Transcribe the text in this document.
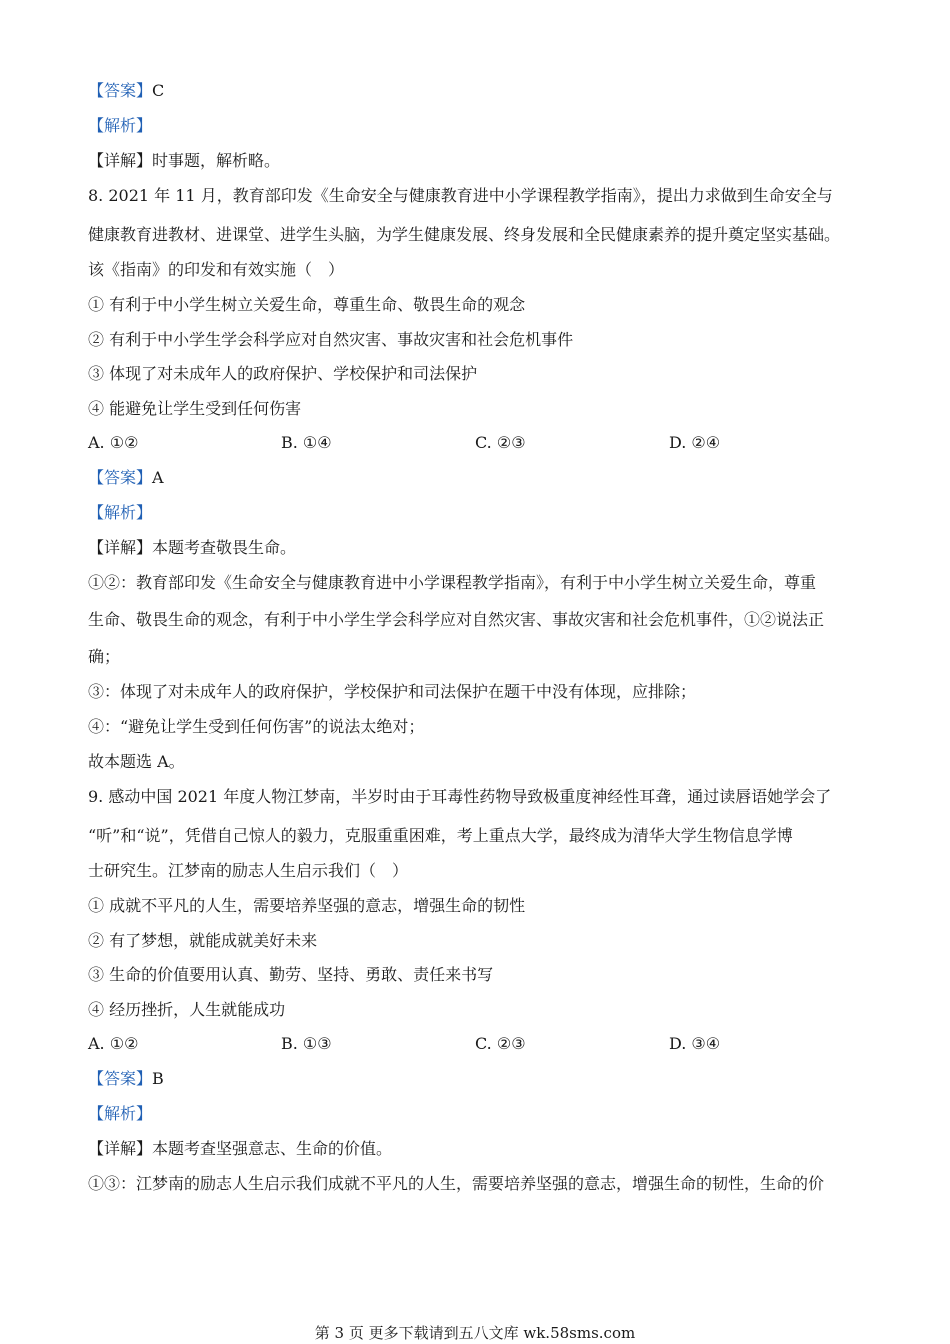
【答案】C
【解析】
【详解】时事题，解析略。
8. 2021 年 11 月，教育部印发《生命安全与健康教育进中小学课程教学指南》，提出力求做到生命安全与
健康教育进教材、进课堂、进学生头脑，为学生健康发展、终身发展和全民健康素养的提升奠定坚实基础。
该《指南》的印发和有效实施（　）
① 有利于中小学生树立关爱生命，尊重生命、敬畏生命的观念
② 有利于中小学生学会科学应对自然灾害、事故灾害和社会危机事件
③ 体现了对未成年人的政府保护、学校保护和司法保护
④ 能避免让学生受到任何伤害
A. ①②	B. ①④	C. ②③	D. ②④
【答案】A
【解析】
【详解】本题考查敬畏生命。
①②：教育部印发《生命安全与健康教育进中小学课程教学指南》，有利于中小学生树立关爱生命，尊重
生命、敬畏生命的观念，有利于中小学生学会科学应对自然灾害、事故灾害和社会危机事件，①②说法正
确；
③：体现了对未成年人的政府保护，学校保护和司法保护在题干中没有体现，应排除；
④：“避免让学生受到任何伤害”的说法太绝对；
故本题选 A。
9. 感动中国 2021 年度人物江梦南，半岁时由于耳毒性药物导致极重度神经性耳聋，通过读唇语她学会了
“听”和“说”，凭借自己惊人的毅力，克服重重困难，考上重点大学，最终成为清华大学生物信息学博
士研究生。江梦南的励志人生启示我们（　）
① 成就不平凡的人生，需要培养坚强的意志，增强生命的韧性
② 有了梦想，就能成就美好未来
③ 生命的价值要用认真、勤劳、坚持、勇敢、责任来书写
④ 经历挫折，人生就能成功
A. ①②	B. ①③	C. ②③	D. ③④
【答案】B
【解析】
【详解】本题考查坚强意志、生命的价值。
①③：江梦南的励志人生启示我们成就不平凡的人生，需要培养坚强的意志，增强生命的韧性，生命的价
第 3 页 更多下载请到五八文库 wk.58sms.com
